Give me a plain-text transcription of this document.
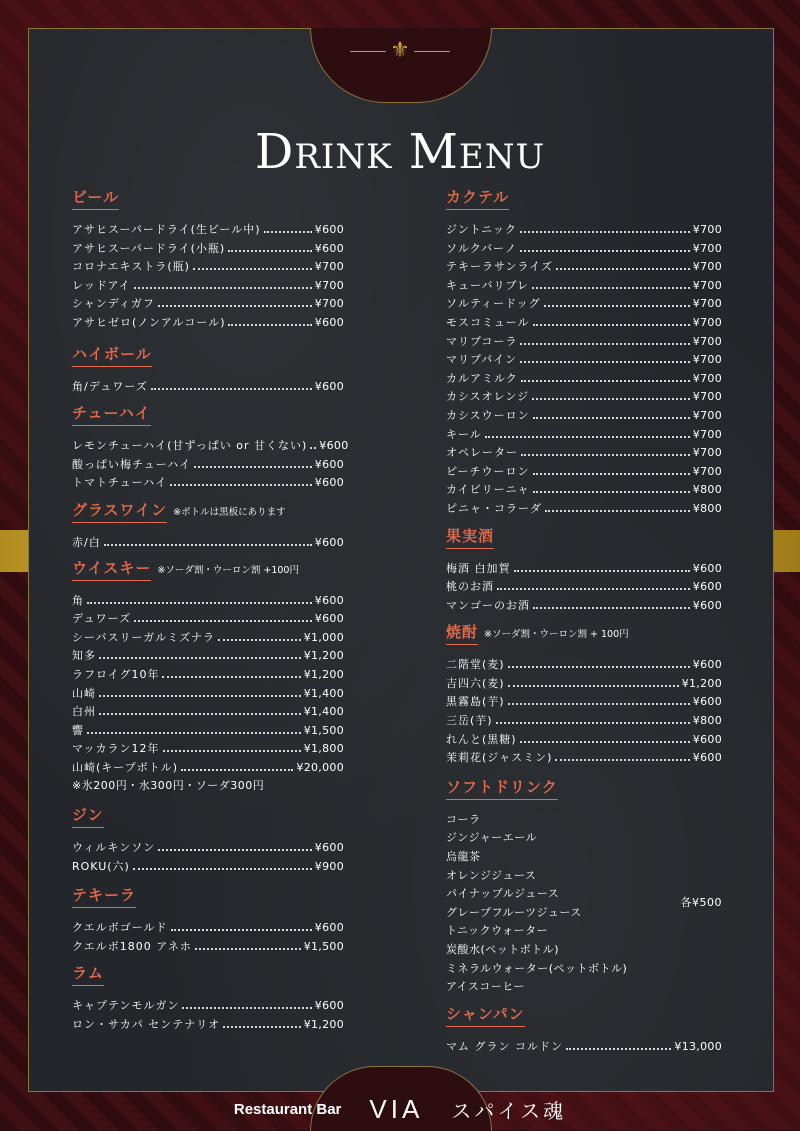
⚜
Drink Menu
ビール
アサヒスーパードライ(生ビール中)	¥600
アサヒスーパードライ(小瓶)	¥600
コロナエキストラ(瓶)	¥700
レッドアイ	¥700
シャンディガフ	¥700
アサヒゼロ(ノンアルコール)	¥600
ハイボール
角/デュワーズ	¥600
チューハイ
レモンチューハイ(甘ずっぱい or 甘くない) ¥600
酸っぱい梅チューハイ	¥600
トマトチューハイ	¥600
グラスワイン ※ボトルは黒板にあります
赤/白	¥600
ウイスキー ※ソーダ割・ウーロン割 +100円
角	¥600
デュワーズ	¥600
シーバスリーガルミズナラ	¥1,000
知多	¥1,200
ラフロイグ10年	¥1,200
山崎	¥1,400
白州	¥1,400
響	¥1,500
マッカラン12年	¥1,800
山崎(キープボトル)	¥20,000
※氷200円・水300円・ソーダ300円
ジン
ウィルキンソン	¥600
ROKU(六)	¥900
テキーラ
クエルボゴールド	¥600
クエルボ1800 アネホ	¥1,500
ラム
キャプテンモルガン	¥600
ロン・サカパ センテナリオ	¥1,200
カクテル
ジントニック	¥700
ソルクバーノ	¥700
テキーラサンライズ	¥700
キューバリブレ	¥700
ソルティードッグ	¥700
モスコミュール	¥700
マリブコーラ	¥700
マリブパイン	¥700
カルアミルク	¥700
カシスオレンジ	¥700
カシスウーロン	¥700
キール	¥700
オペレーター	¥700
ピーチウーロン	¥700
カイピリーニャ	¥800
ピニャ・コラーダ	¥800
果実酒
梅酒 白加賀	¥600
桃のお酒	¥600
マンゴーのお酒	¥600
焼酎 ※ソーダ割・ウーロン割 + 100円
二階堂(麦)	¥600
吉四六(麦)	¥1,200
黒霧島(芋)	¥600
三岳(芋)	¥800
れんと(黒糖)	¥600
茉莉花(ジャスミン)	¥600
ソフトドリンク
コーラ
ジンジャーエール
烏龍茶
オレンジジュース
パイナップルジュース
グレープフルーツジュース
トニックウォーター
炭酸水(ペットボトル)
ミネラルウォーター(ペットボトル)
アイスコーヒー
各¥500
シャンパン
マム グラン コルドン	¥13,000
Restaurant Bar VIA スパイス魂
